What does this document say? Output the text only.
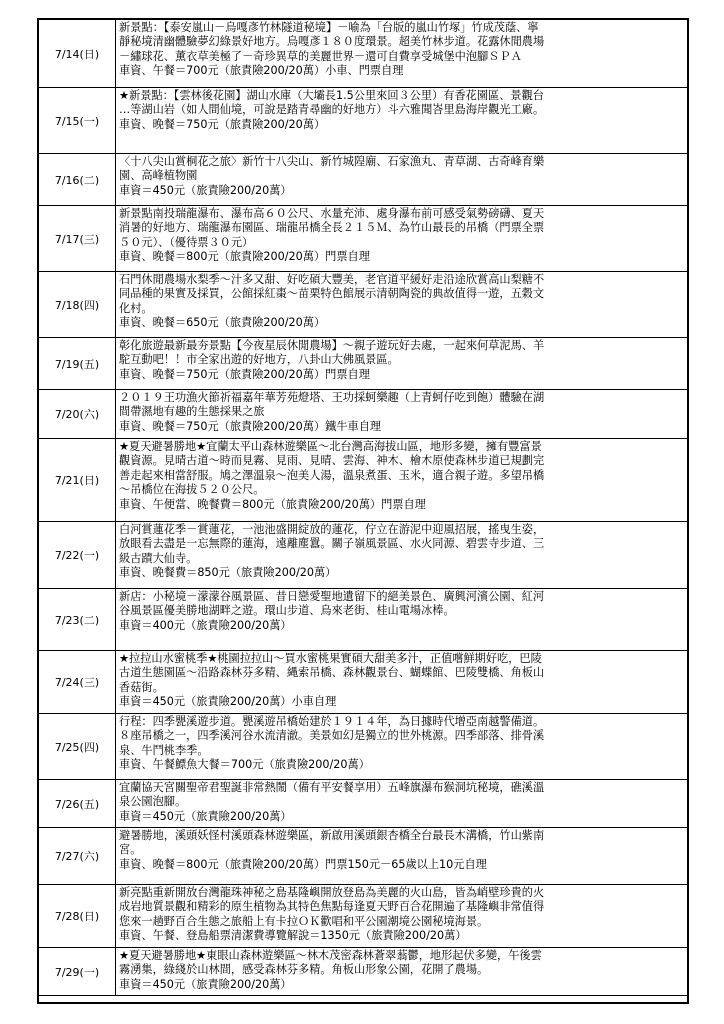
7/14(日)
新景點：【泰安嵐山－烏嘎彥竹林隧道秘境】－喻為「台版的嵐山竹塚」竹成茂蔭、寧
靜秘境清幽體驗夢幻綠景好地方。烏嘎彥１８０度環景。超美竹林步道。花露休閒農場
－繡球花、薰衣草美極了－奇珍異草的美麗世界－還可自費享受城堡中泡腳ＳＰＡ
車資、午餐＝700元（旅責險200/20萬）小車、門票自理
7/15(一)
★新景點：【雲林後花園】湖山水庫（大壩長1.5公里來回３公里）有香花園區、景觀台
…等湖山岩（如人間仙境，可說是踏青尋幽的好地方）斗六雅聞峇里島海岸觀光工廠。
車資、晚餐＝750元（旅責險200/20萬）
7/16(二)
〈十八尖山賞桐花之旅〉新竹十八尖山、新竹城隍廟、石家漁丸、青草湖、古奇峰育樂
園、高峰植物園
車資＝450元（旅責險200/20萬）
7/17(三)
新景點南投瑞龍瀑布、瀑布高６０公尺、水量充沛、處身瀑布前可感受氣勢磅礴、夏天
消暑的好地方、瑞龍瀑布園區、瑞龍吊橋全長２１５Ｍ、為竹山最長的吊橋（門票全票
５０元）、（優待票３０元）
車資、晚餐＝800元（旅責險200/20萬）門票自理
7/18(四)
石門休閒農場水梨季～汁多又甜、好吃碩大豐美，老官道平緩好走沿途欣賞高山梨糖不
同品種的果實及採買，公館採紅棗～苗栗特色館展示清朝陶瓷的典故值得一遊，五穀文
化村。
車資、晚餐＝650元（旅責險200/20萬）
7/19(五)
彰化旅遊最新最夯景點【今夜星辰休閒農場】～親子遊玩好去處，一起來何草泥馬、羊
駝互動吧！！市全家出遊的好地方，八卦山大佛風景區。
車資、晚餐＝750元（旅責險200/20萬）門票自理
7/20(六)
２０１９王功漁火節祈福嘉年華芳苑燈塔、王功採蚵樂趣（上青蚵仔吃到飽）體驗在湖
間帶濕地有趣的生態採果之旅
車資、晚餐＝750元（旅責險200/20萬）鐵牛車自理
7/21(日)
★夏天避暑勝地★宜蘭太平山森林遊樂區～北台灣高海拔山區，地形多變，擁有豐富景
觀資源。見晴古道～時而見霧、見雨、見晴、雲海、神木、檜木原使森林步道已規劃完
善走起來相當舒服。鳩之澤溫泉～泡美人湯，溫泉煮蛋、玉米，適合親子遊。多望吊橋
～吊橋位在海拔５２０公尺。
車資、午便當、晚餐費＝800元（旅責險200/20萬）門票自理
7/22(一)
白河賞蓮花季－賞蓮花，一池池盛開綻放的蓮花，佇立在游泥中迎風招展，搖曳生姿，
放眼看去盡是一忘無際的蓮海，遠離塵囂。關子嶺風景區、水火同源、碧雲寺步道、三
級古蹟大仙寺。
車資、晚餐費＝850元（旅責險200/20萬）
7/23(二)
新店：小秘境－濛濛谷風景區、昔日戀愛聖地遺留下的絕美景色、廣興河濱公園、紅河
谷風景區優美勝地湖畔之遊。環山步道、烏來老街、桂山電場冰棒。
車資＝400元（旅責險200/20萬）
7/24(三)
★拉拉山水蜜桃季★桃園拉拉山～買水蜜桃果實碩大甜美多汁，正值嚐鮮期好吃，巴陵
古道生態園區～沿路森林芬多精、縄索吊橋、森林觀景台、蝴蝶館、巴陵雙橋、角板山
香菇街。
車資＝450元（旅責險200/20萬）小車自理
7/25(四)
行程：四季甖溪遊步道。甖溪遊吊橋始建於１９１４年，為日據時代增亞南越警備道。
８座吊橋之一，四季溪河谷水流清澈。美景如幻是獨立的世外桃源。四季部落、排骨溪
泉、牛鬥桃李季。
車資、午餐鰾魚大餐＝700元（旅責險200/20萬）
7/26(五)
宜蘭協天宮關聖帝君聖誕非常熱鬧（備有平安餐享用）五峰旗瀑布猴洞坑秘境，礁溪溫
泉公園泡腳。
車資＝450元（旅責險200/20萬）
7/27(六)
避暑勝地，溪頭妖怪村溪頭森林遊樂區，新啟用溪頭銀杏橋全台最長木溝橋，竹山紫南
宮。
車資、晚餐＝800元（旅責險200/20萬）門票150元－65歲以上10元自理
7/28(日)
新亮點重新開放台灣龍珠神秘之島基隆嶼開放登島為美麗的火山島，皆為峭壁珍貴的火
成岩地質景觀和精彩的原生植物為其特色焦點每逢夏天野百合花開遍了基隆嶼非常值得
您來一趟野百合生態之旅船上有卡拉ＯＫ歡唱和平公園潮境公園秘境海景。
車資、午餐、登島船票清潔費導覽解說＝1350元（旅責險200/20萬）
7/29(一)
★夏天避暑勝地★東眼山森林遊樂區～林木茂密森林蒼翠蓊鬱，地形起伏多變，午後雲
霧湧集，綠綫於山林間，感受森林芬多精。角板山形象公園，花開了農場。
車資＝450元（旅責險200/20萬）
